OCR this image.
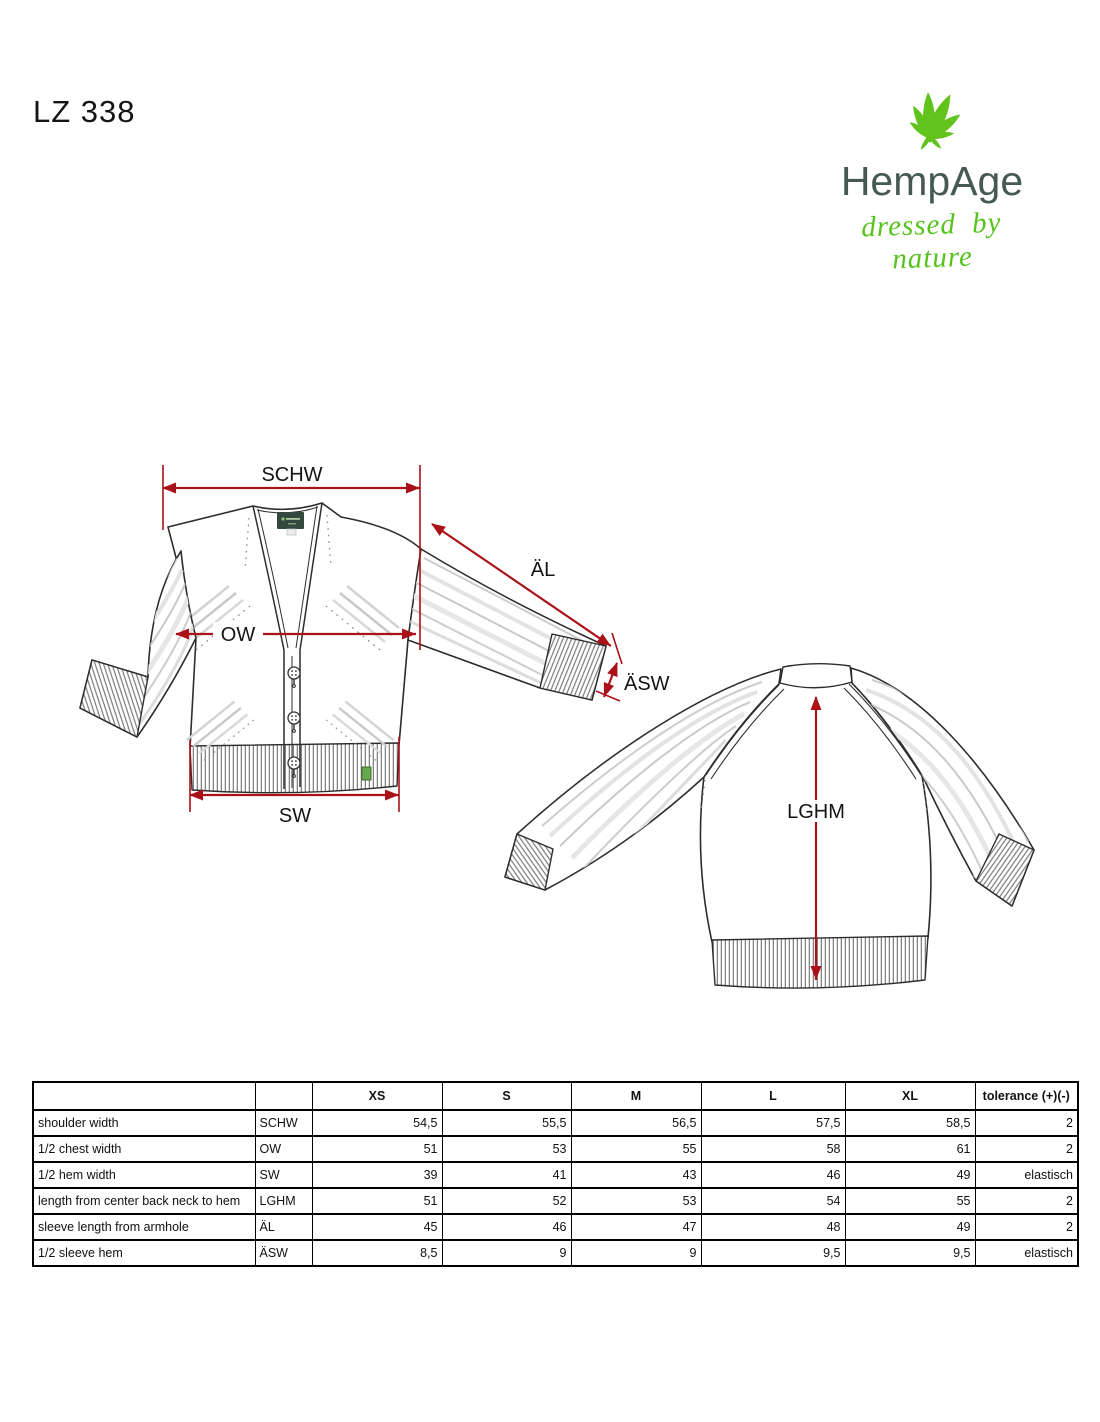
LZ 338
HempAge
dressed by nature
SCHW
OW
SW
ÄL
ÄSW
LGHM
		XS	S	M	L	XL	tolerance (+)(-)
shoulder width	SCHW	54,5	55,5	56,5	57,5	58,5	2
1/2 chest width	OW	51	53	55	58	61	2
1/2 hem width	SW	39	41	43	46	49	elastisch
length from center back neck to hem	LGHM	51	52	53	54	55	2
sleeve length from armhole	ÄL	45	46	47	48	49	2
1/2 sleeve hem	ÄSW	8,5	9	9	9,5	9,5	elastisch
